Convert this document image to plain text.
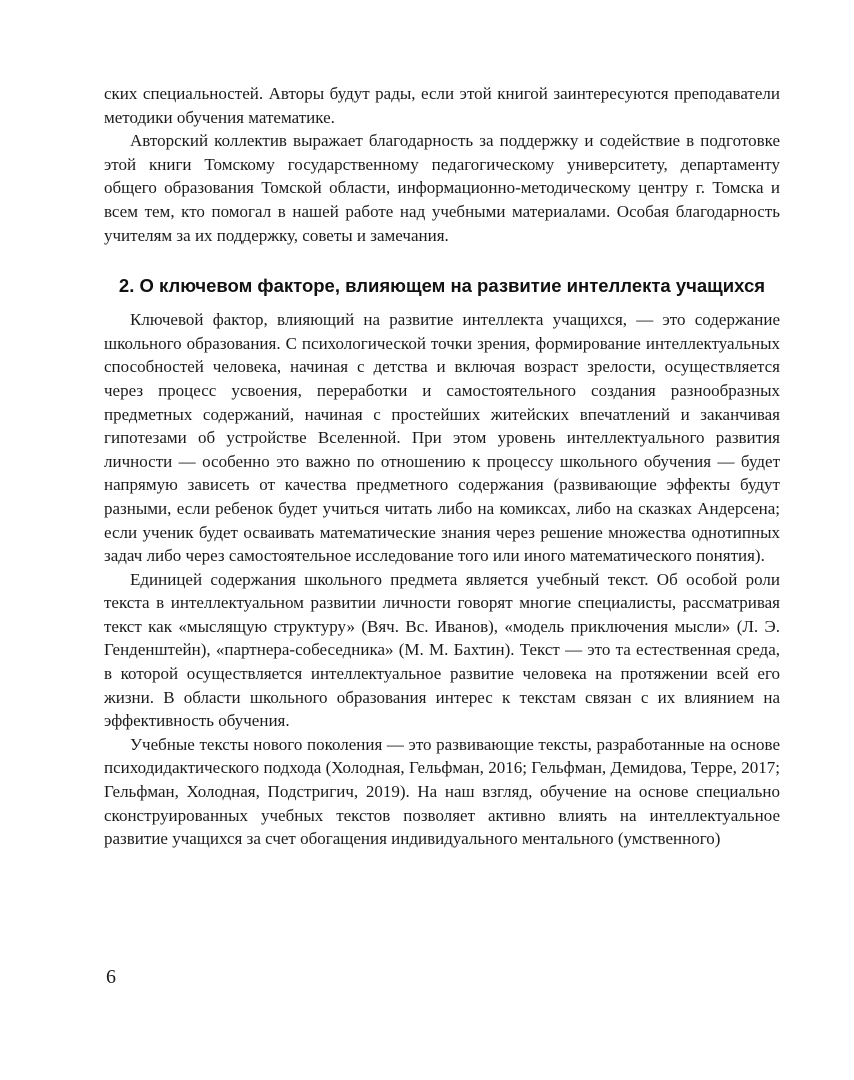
ских специальностей. Авторы будут рады, если этой книгой заинтересуются преподаватели методики обучения математике.

Авторский коллектив выражает благодарность за поддержку и содействие в подготовке этой книги Томскому государственному педагогическому университету, департаменту общего образования Томской области, информационно-методическому центру г. Томска и всем тем, кто помогал в нашей работе над учебными материалами. Особая благодарность учителям за их поддержку, советы и замечания.

2. О ключевом факторе, влияющем на развитие интеллекта учащихся

Ключевой фактор, влияющий на развитие интеллекта учащихся, — это содержание школьного образования. С психологической точки зрения, формирование интеллектуальных способностей человека, начиная с детства и включая возраст зрелости, осуществляется через процесс усвоения, переработки и самостоятельного создания разнообразных предметных содержаний, начиная с простейших житейских впечатлений и заканчивая гипотезами об устройстве Вселенной. При этом уровень интеллектуального развития личности — особенно это важно по отношению к процессу школьного обучения — будет напрямую зависеть от качества предметного содержания (развивающие эффекты будут разными, если ребенок будет учиться читать либо на комиксах, либо на сказках Андерсена; если ученик будет осваивать математические знания через решение множества однотипных задач либо через самостоятельное исследование того или иного математического понятия).

Единицей содержания школьного предмета является учебный текст. Об особой роли текста в интеллектуальном развитии личности говорят многие специалисты, рассматривая текст как «мыслящую структуру» (Вяч. Вс. Иванов), «модель приключения мысли» (Л. Э. Генденштейн), «партнера-собеседника» (М. М. Бахтин). Текст — это та естественная среда, в которой осуществляется интеллектуальное развитие человека на протяжении всей его жизни. В области школьного образования интерес к текстам связан с их влиянием на эффективность обучения.

Учебные тексты нового поколения — это развивающие тексты, разработанные на основе психодидактического подхода (Холодная, Гельфман, 2016; Гельфман, Демидова, Терре, 2017; Гельфман, Холодная, Подстригич, 2019). На наш взгляд, обучение на основе специально сконструированных учебных текстов позволяет активно влиять на интеллектуальное развитие учащихся за счет обогащения индивидуального ментального (умственного)

6
